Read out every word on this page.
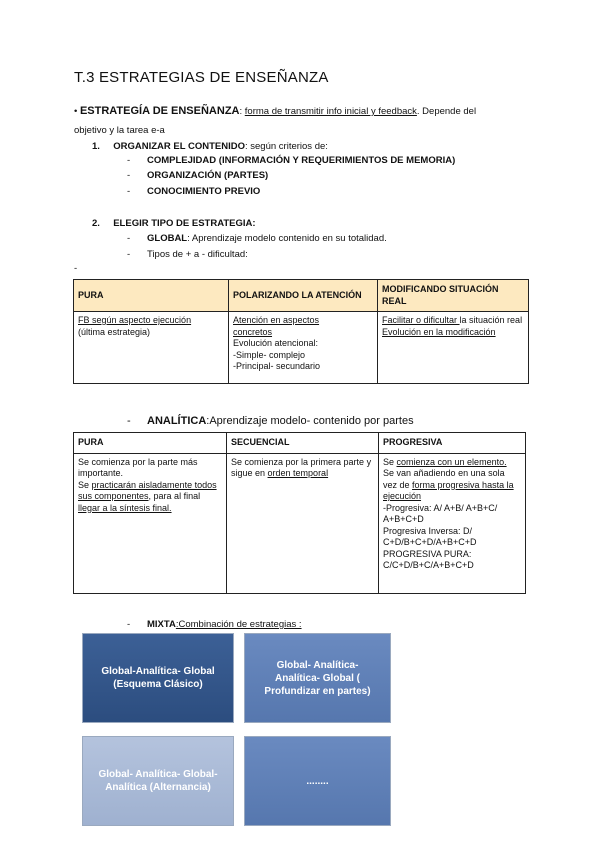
T.3 ESTRATEGIAS DE ENSEÑANZA
• ESTRATEGÍA DE ENSEÑANZA: forma de transmitir info inicial y feedback. Depende del
objetivo y la tarea e-a
1. ORGANIZAR EL CONTENIDO: según criterios de:
- COMPLEJIDAD (INFORMACIÓN Y REQUERIMIENTOS DE MEMORIA)
- ORGANIZACIÓN (PARTES)
- CONOCIMIENTO PREVIO
2. ELEGIR TIPO DE ESTRATEGIA:
- GLOBAL: Aprendizaje modelo contenido en su totalidad.
- Tipos de + a - dificultad:
-
PURA	POLARIZANDO LA ATENCIÓN	MODIFICANDO SITUACIÓN REAL
FB según aspecto ejecución
(última estrategia)	Atención en aspectos
concretos
Evolución atencional:
-Simple- complejo
-Principal- secundario	Facilitar o dificultar la situación real
Evolución en la modificación
- ANALÍTICA:Aprendizaje modelo- contenido por partes
PURA	SECUENCIAL	PROGRESIVA
Se comienza por la parte más importante.
Se practicarán aisladamente todos sus componentes, para al final llegar a la síntesis final.	Se comienza por la primera parte y sigue en orden temporal	Se comienza con un elemento.
Se van añadiendo en una sola vez de forma progresiva hasta la ejecución
-Progresiva: A/ A+B/ A+B+C/ A+B+C+D
Progresiva Inversa: D/ C+D/B+C+D/A+B+C+D
PROGRESIVA PURA: C/C+D/B+C/A+B+C+D
- MIXTA:Combinación de estrategias :
Global-Analítica- Global (Esquema Clásico)
Global- Analítica- Analítica- Global ( Profundizar en partes)
Global- Analítica- Global- Analítica (Alternancia)
........
